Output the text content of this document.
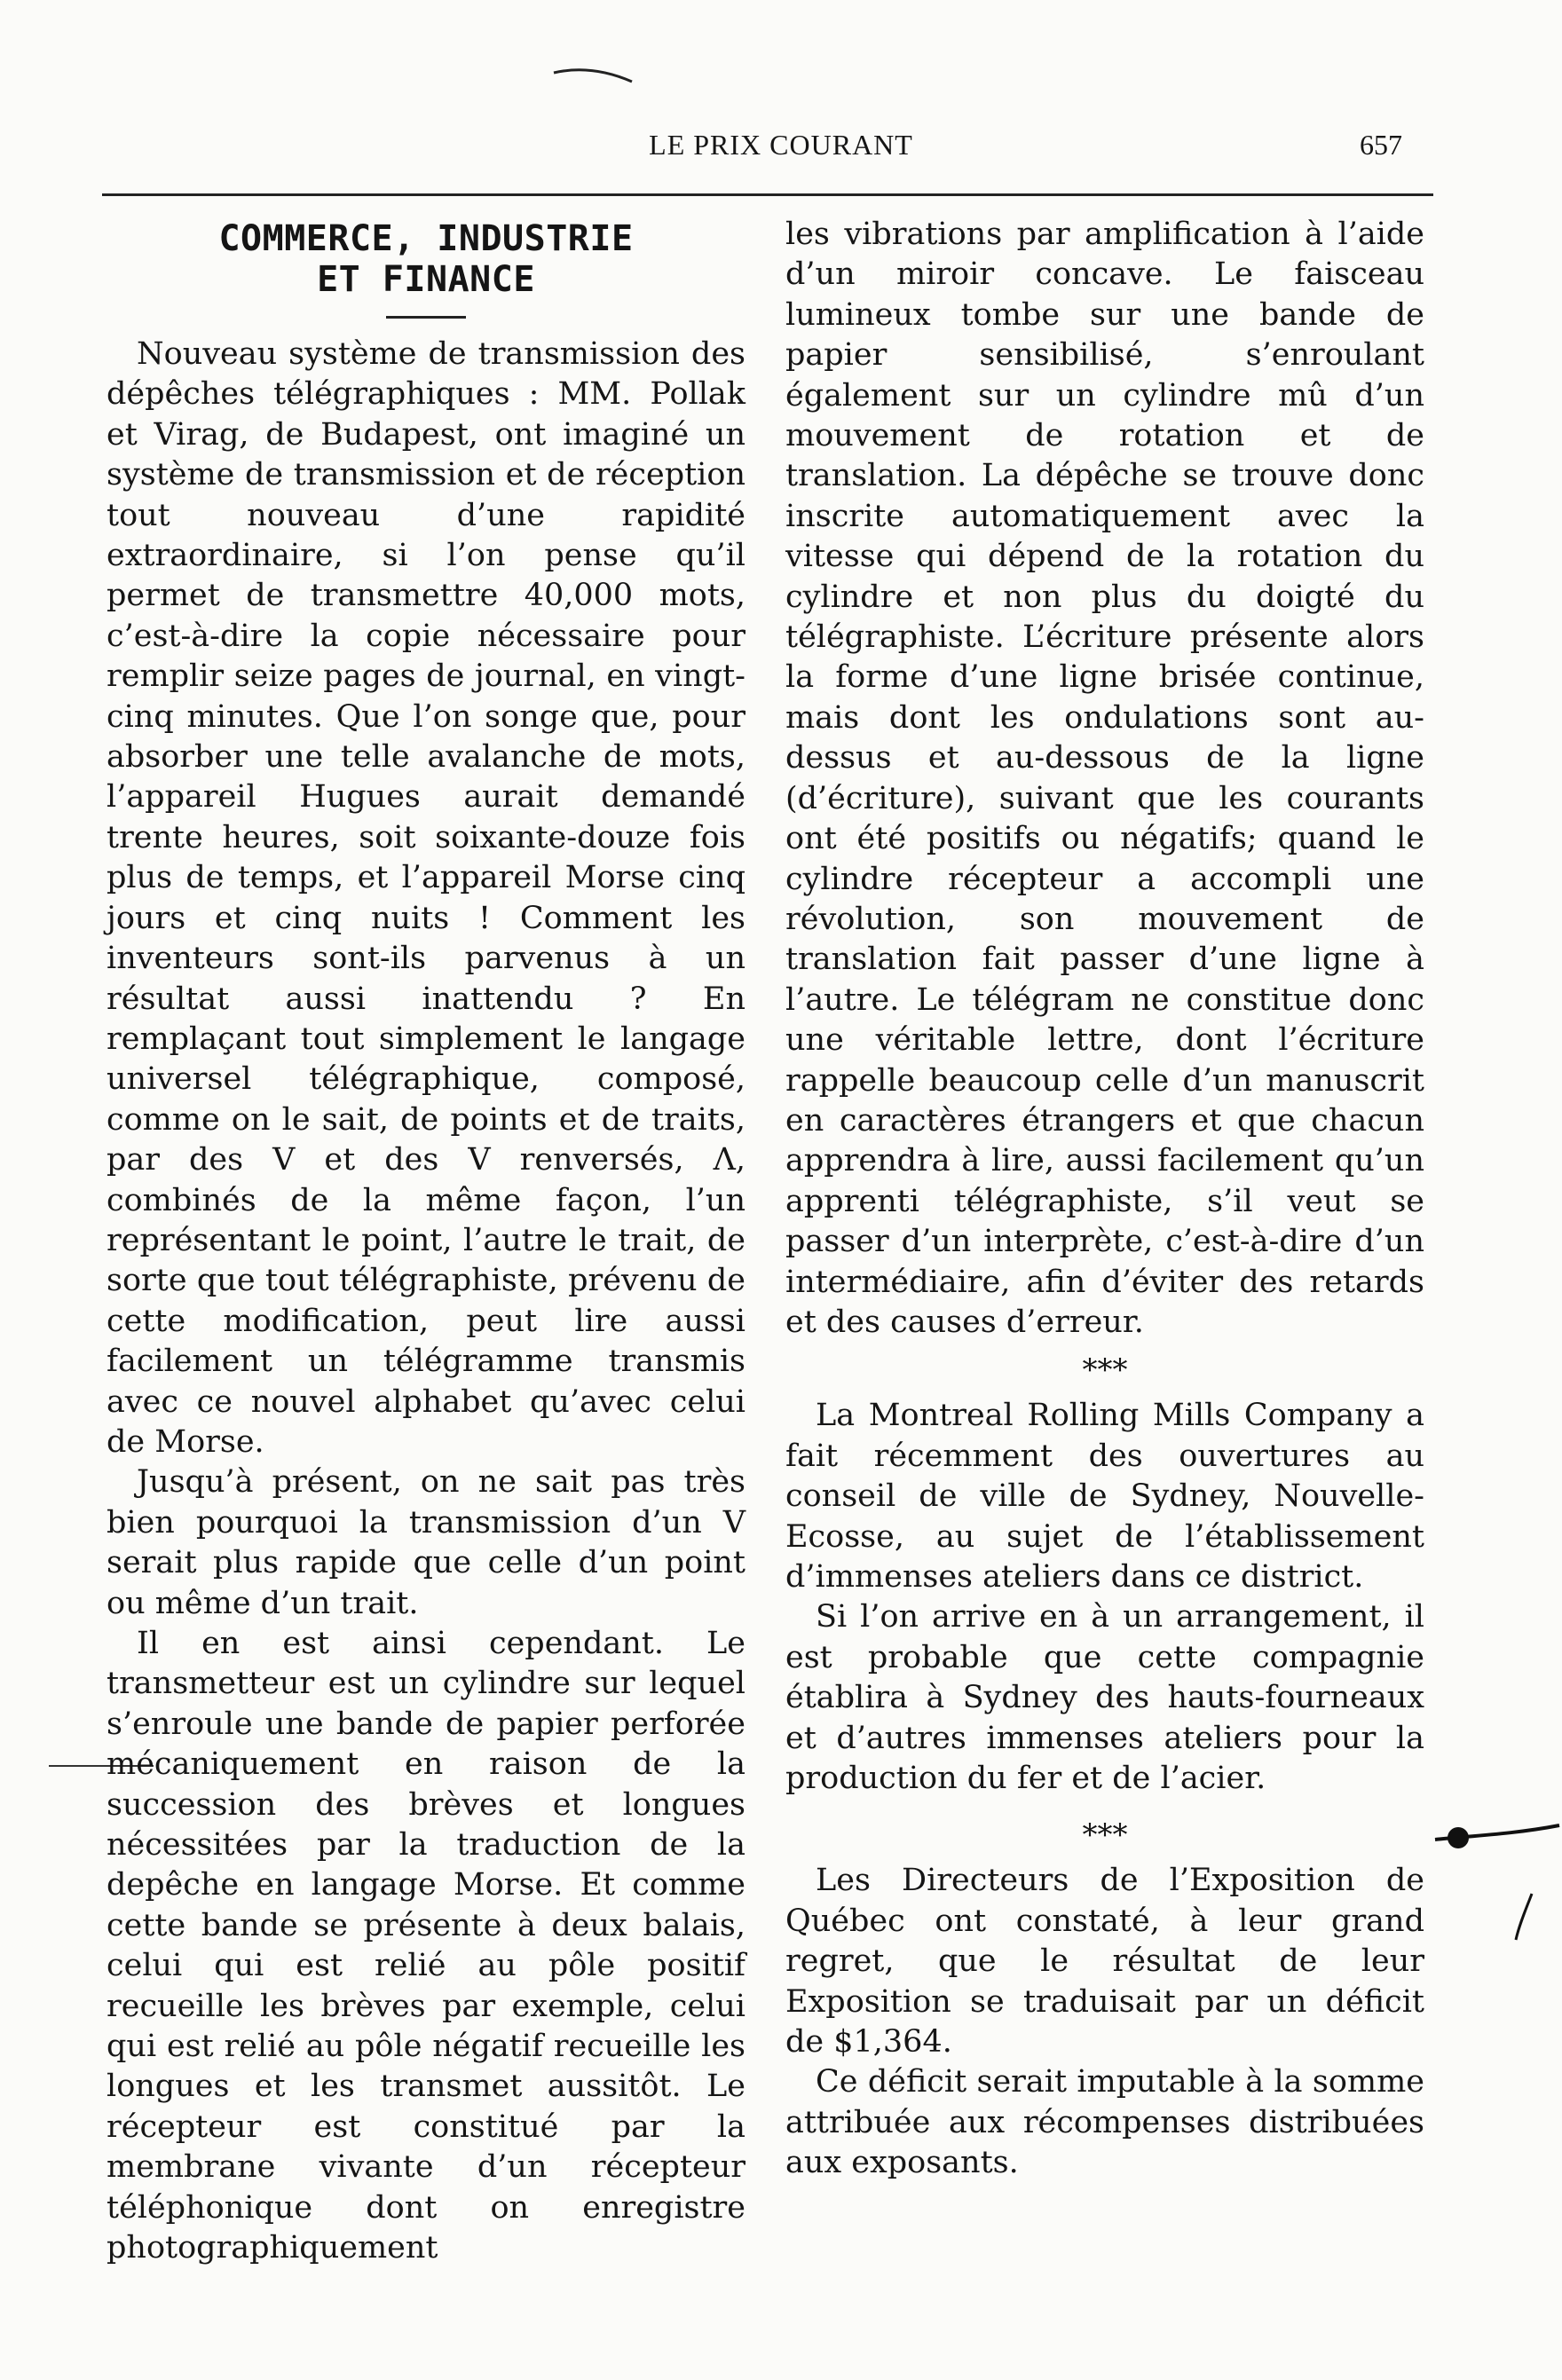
LE PRIX COURANT	657
COMMERCE, INDUSTRIE
ET FINANCE

Nouveau système de transmission des dépêches télégraphiques : MM. Pollak et Virag, de Budapest, ont imaginé un système de transmission et de réception tout nouveau d’une rapidité extraordinaire, si l’on pense qu’il permet de transmettre 40,000 mots, c’est-à-dire la copie nécessaire pour remplir seize pages de journal, en vingt-cinq minutes. Que l’on songe que, pour absorber une telle avalanche de mots, l’appareil Hugues aurait demandé trente heures, soit soixante-douze fois plus de temps, et l’appareil Morse cinq jours et cinq nuits ! Comment les inventeurs sont-ils parvenus à un résultat aussi inattendu ? En remplaçant tout simplement le langage universel télégraphique, composé, comme on le sait, de points et de traits, par des V et des V renversés, Λ, combinés de la même façon, l’un représentant le point, l’autre le trait, de sorte que tout télégraphiste, prévenu de cette modification, peut lire aussi facilement un télégramme transmis avec ce nouvel alphabet qu’avec celui de Morse.

Jusqu’à présent, on ne sait pas très bien pourquoi la transmission d’un V serait plus rapide que celle d’un point ou même d’un trait.

Il en est ainsi cependant. Le transmetteur est un cylindre sur lequel s’enroule une bande de papier perforée mécaniquement en raison de la succession des brèves et longues nécessitées par la traduction de la depêche en langage Morse. Et comme cette bande se présente à deux balais, celui qui est relié au pôle positif recueille les brèves par exemple, celui qui est relié au pôle négatif recueille les longues et les transmet aussitôt. Le récepteur est constitué par la membrane vivante d’un récepteur téléphonique dont on enregistre photographiquement

les vibrations par amplification à l’aide d’un miroir concave. Le faisceau lumineux tombe sur une bande de papier sensibilisé, s’enroulant également sur un cylindre mû d’un mouvement de rotation et de translation. La dépêche se trouve donc inscrite automatiquement avec la vitesse qui dépend de la rotation du cylindre et non plus du doigté du télégraphiste. L’écriture présente alors la forme d’une ligne brisée continue, mais dont les ondulations sont au-dessus et au-dessous de la ligne (d’écriture), suivant que les courants ont été positifs ou négatifs; quand le cylindre récepteur a accompli une révolution, son mouvement de translation fait passer d’une ligne à l’autre. Le télégram ne constitue donc une véritable lettre, dont l’écriture rappelle beaucoup celle d’un manuscrit en caractères étrangers et que chacun apprendra à lire, aussi facilement qu’un apprenti télégraphiste, s’il veut se passer d’un interprète, c’est-à-dire d’un intermédiaire, afin d’éviter des retards et des causes d’erreur.

***

La Montreal Rolling Mills Company a fait récemment des ouvertures au conseil de ville de Sydney, Nouvelle-Ecosse, au sujet de l’établissement d’immenses ateliers dans ce district.

Si l’on arrive en à un arrangement, il est probable que cette compagnie établira à Sydney des hauts-fourneaux et d’autres immenses ateliers pour la production du fer et de l’acier.

***

Les Directeurs de l’Exposition de Québec ont constaté, à leur grand regret, que le résultat de leur Exposition se traduisait par un déficit de $1,364.

Ce déficit serait imputable à la somme attribuée aux récompenses distribuées aux exposants.
